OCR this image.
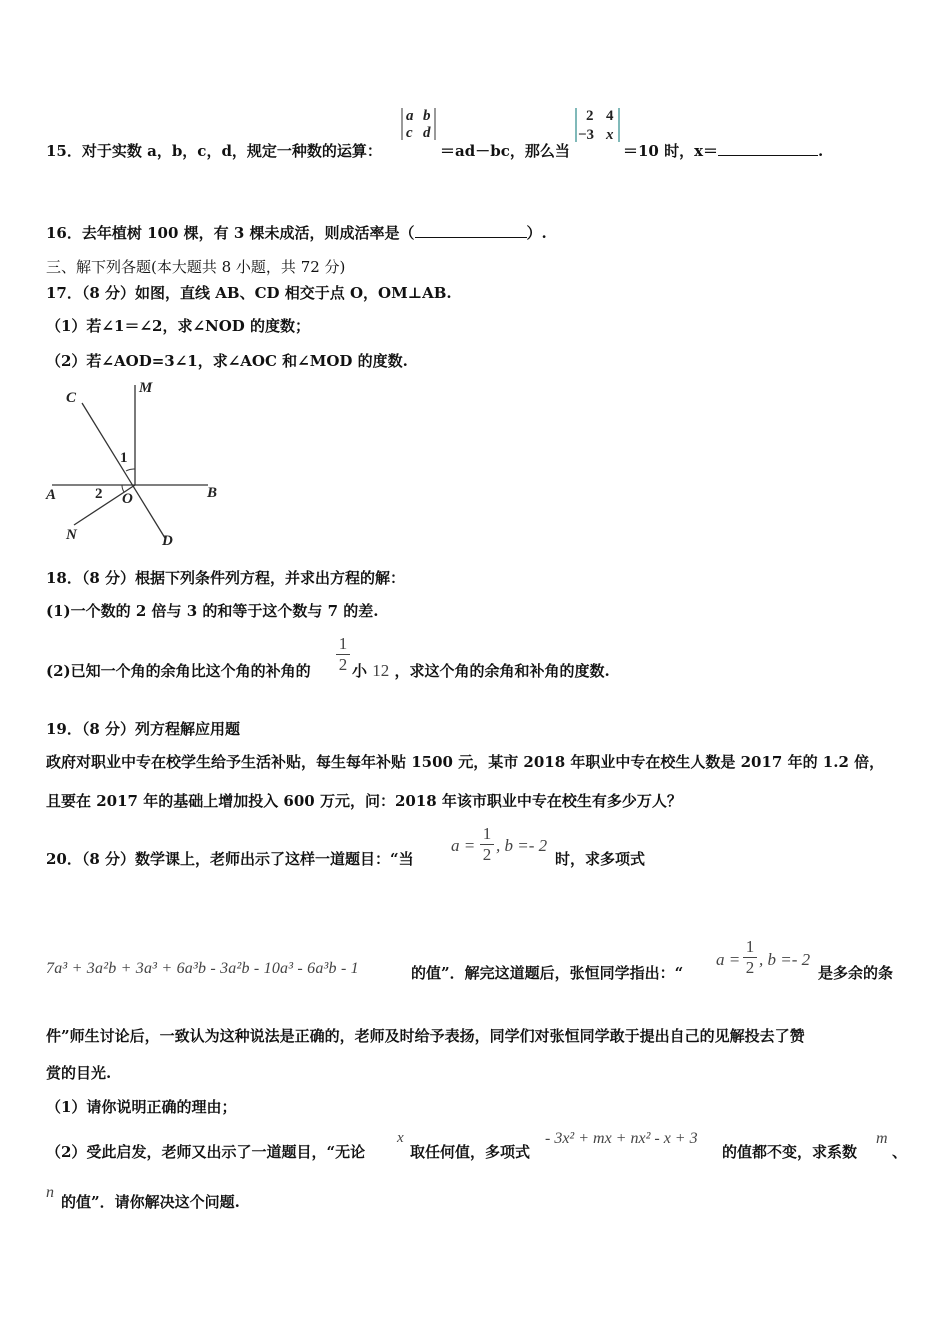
15．对于实数 a，b，c，d，规定一种数的运算：
a b
c d
＝ad－bc，那么当
2 4
−3 x
＝10 时，x＝	.
16．去年植树 100 棵，有 3 棵未成活，则成活率是（	）.
三、解下列各题(本大题共 8 小题，共 72 分)
17．（8 分）如图，直线 AB、CD 相交于点 O，OM⊥AB.
（1）若∠1＝∠2，求∠NOD 的度数；
（2）若∠AOD=3∠1，求∠AOC 和∠MOD 的度数.
C
M
A	B
O
N	D
1
2
18．（8 分）根据下列条件列方程，并求出方程的解：
(1)一个数的 2 倍与 3 的和等于这个数与 7 的差.
(2)已知一个角的余角比这个角的补角的
1
2 小 12 ，求这个角的余角和补角的度数.
19．（8 分）列方程解应用题
政府对职业中专在校学生给予生活补贴，每生每年补贴 1500 元，某市 2018 年职业中专在校生人数是 2017 年的 1.2 倍，
且要在 2017 年的基础上增加投入 600 万元，问：2018 年该市职业中专在校生有多少万人？
20．（8 分）数学课上，老师出示了这样一道题目：“当
a =
1
2 , b =- 2
时，求多项式
7a³ + 3a²b + 3a³ + 6a³b - 3a²b - 10a³ - 6a³b - 1	的值”．解完这道题后，张恒同学指出：“
a =
1
2 , b =- 2
是多余的条
件”师生讨论后，一致认为这种说法是正确的，老师及时给予表扬，同学们对张恒同学敢于提出自己的见解投去了赞
赏的目光.
（1）请你说明正确的理由；
（2）受此启发，老师又出示了一道题目，“无论
x
取任何值，多项式
- 3x² + mx + nx² - x + 3
的值都不变，求系数
m
、
n
的值”．请你解决这个问题.
